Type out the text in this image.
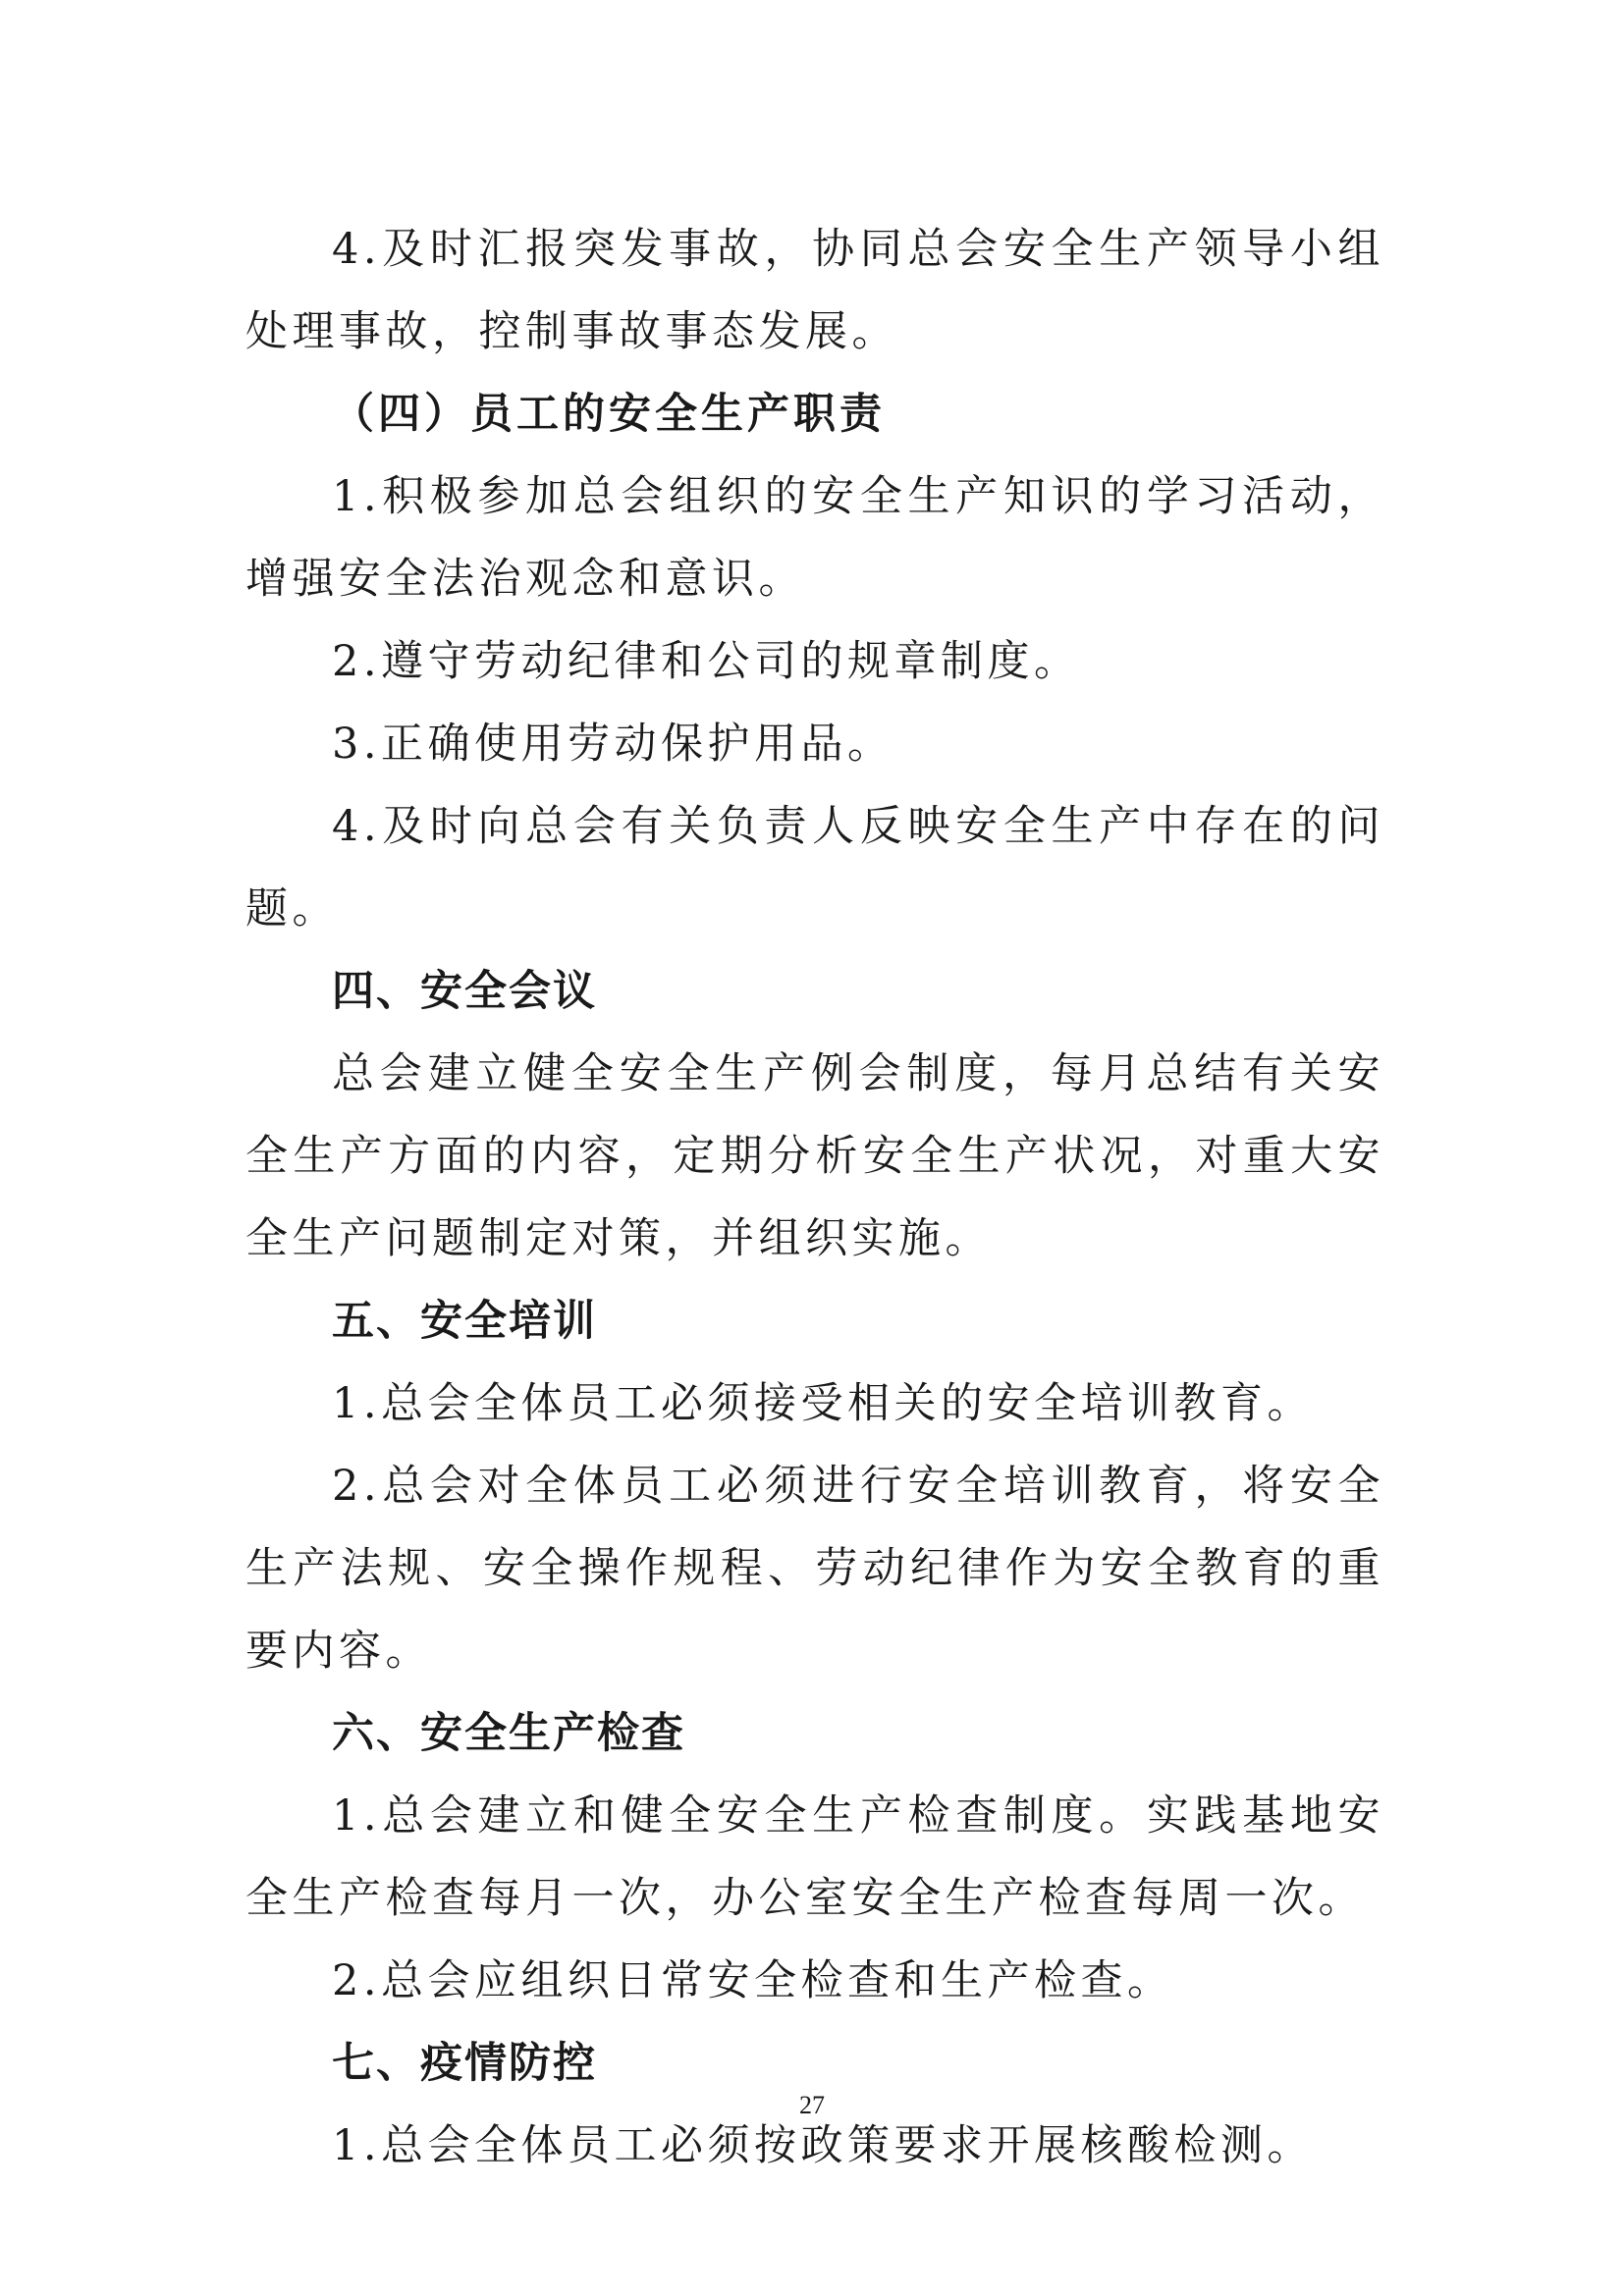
4.及时汇报突发事故，协同总会安全生产领导小组处理事故，控制事故事态发展。

（四）员工的安全生产职责

1.积极参加总会组织的安全生产知识的学习活动，增强安全法治观念和意识。

2.遵守劳动纪律和公司的规章制度。

3.正确使用劳动保护用品。

4.及时向总会有关负责人反映安全生产中存在的问题。

四、安全会议

总会建立健全安全生产例会制度，每月总结有关安全生产方面的内容，定期分析安全生产状况，对重大安全生产问题制定对策，并组织实施。

五、安全培训

1.总会全体员工必须接受相关的安全培训教育。

2.总会对全体员工必须进行安全培训教育，将安全生产法规、安全操作规程、劳动纪律作为安全教育的重要内容。

六、安全生产检查

1.总会建立和健全安全生产检查制度。实践基地安全生产检查每月一次，办公室安全生产检查每周一次。

2.总会应组织日常安全检查和生产检查。

七、疫情防控

1.总会全体员工必须按政策要求开展核酸检测。

27
